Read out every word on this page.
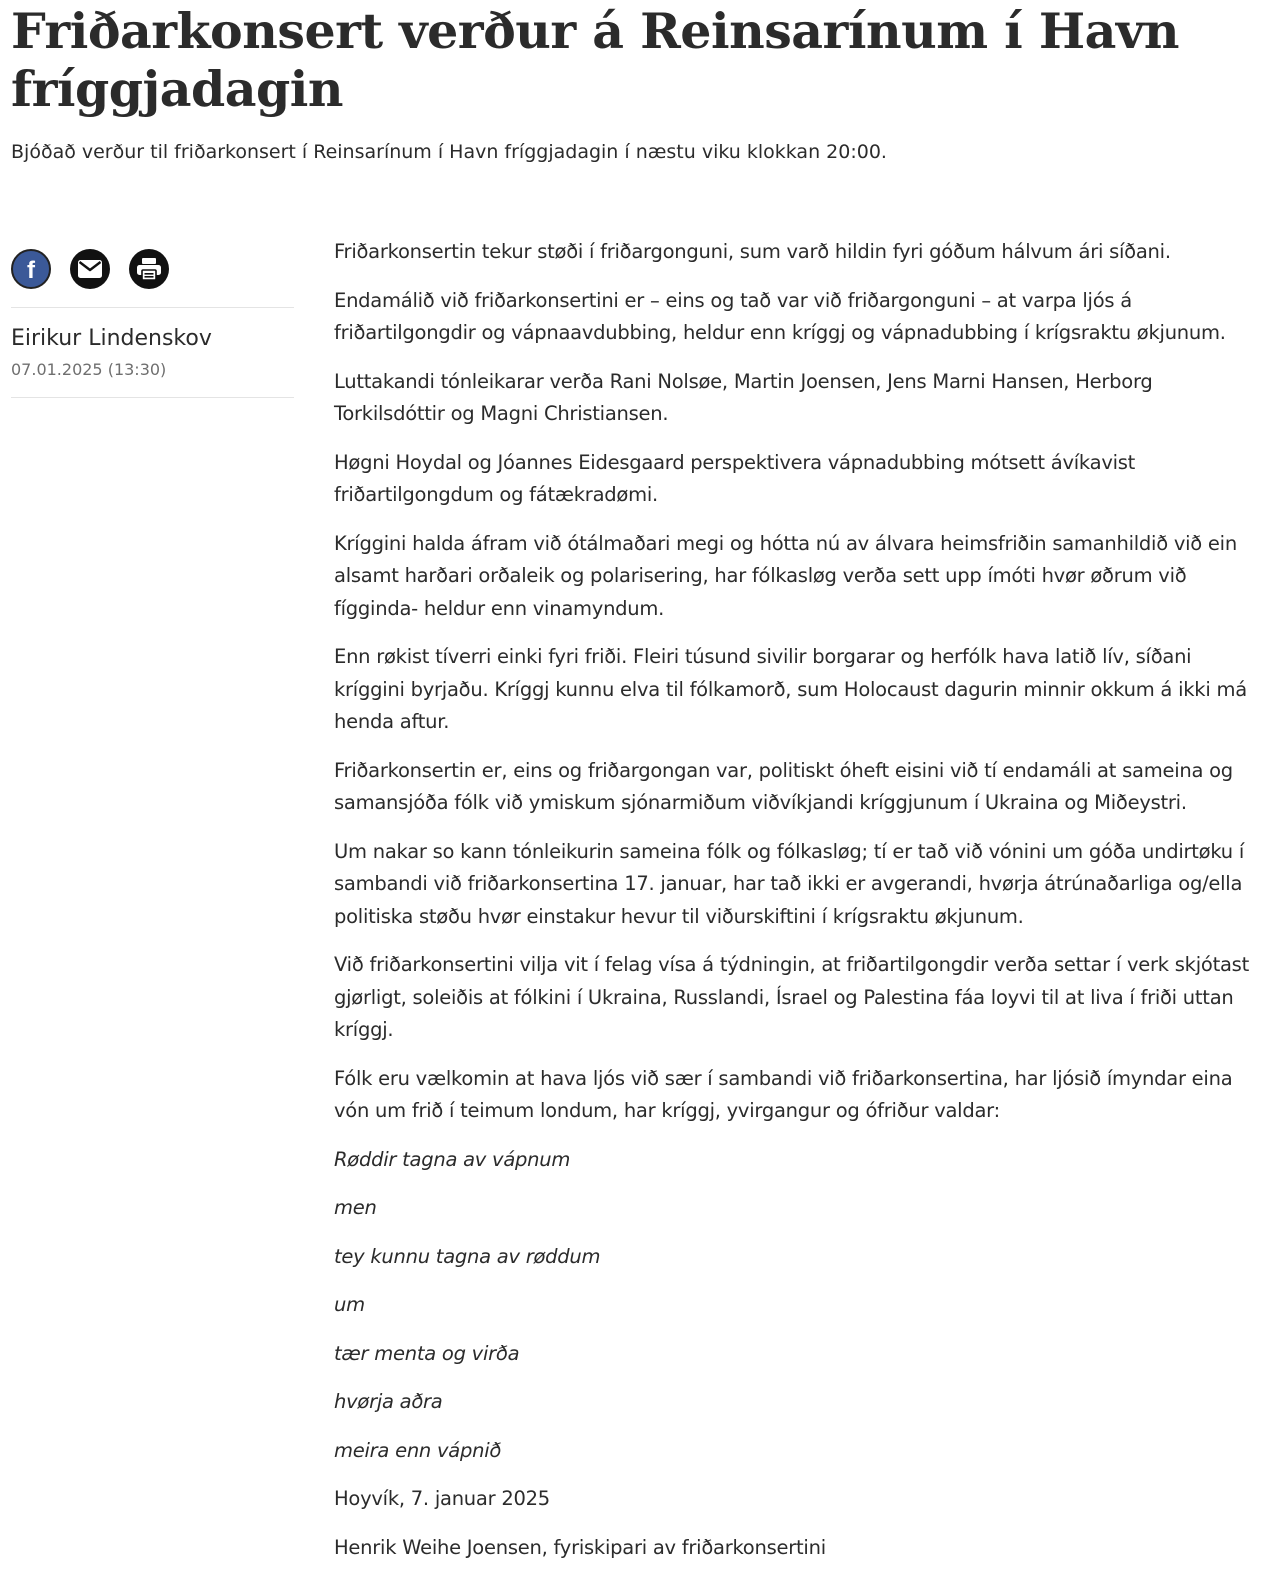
Friðarkonsert verður á Reinsarínum í Havn fríggjadagin

Bjóðað verður til friðarkonsert í Reinsarínum í Havn fríggjadagin í næstu viku klokkan 20:00.

f
Eirikur Lindenskov
07.01.2025 (13:30)

Friðarkonsertin tekur støði í friðargonguni, sum varð hildin fyri góðum hálvum ári síðani.

Endamálið við friðarkonsertini er – eins og tað var við friðargonguni – at varpa ljós á friðartilgongdir og vápnaavdubbing, heldur enn kríggj og vápnadubbing í krígsraktu økjunum.

Luttakandi tónleikarar verða Rani Nolsøe, Martin Joensen, Jens Marni Hansen, Herborg Torkilsdóttir og Magni Christiansen.

Høgni Hoydal og Jóannes Eidesgaard perspektivera vápnadubbing mótsett ávíkavist friðartilgongdum og fátækradømi.

Kríggini halda áfram við ótálmaðari megi og hótta nú av álvara heimsfriðin samanhildið við ein alsamt harðari orðaleik og polarisering, har fólkasløg verða sett upp ímóti hvør øðrum við fígginda- heldur enn vinamyndum.

Enn røkist tíverri einki fyri friði. Fleiri túsund sivilir borgarar og herfólk hava latið lív, síðani kríggini byrjaðu. Kríggj kunnu elva til fólkamorð, sum Holocaust dagurin minnir okkum á ikki má henda aftur.

Friðarkonsertin er, eins og friðargongan var, politiskt óheft eisini við tí endamáli at sameina og samansjóða fólk við ymiskum sjónarmiðum viðvíkjandi kríggjunum í Ukraina og Miðeystri.

Um nakar so kann tónleikurin sameina fólk og fólkasløg; tí er tað við vónini um góða undirtøku í sambandi við friðarkonsertina 17. januar, har tað ikki er avgerandi, hvørja átrúnaðarliga og/ella politiska støðu hvør einstakur hevur til viðurskiftini í krígsraktu økjunum.

Við friðarkonsertini vilja vit í felag vísa á týdningin, at friðartilgongdir verða settar í verk skjótast gjørligt, soleiðis at fólkini í Ukraina, Russlandi, Ísrael og Palestina fáa loyvi til at liva í friði uttan kríggj.

Fólk eru vælkomin at hava ljós við sær í sambandi við friðarkonsertina, har ljósið ímyndar eina vón um frið í teimum londum, har kríggj, yvirgangur og ófriður valdar:

Røddir tagna av vápnum

men

tey kunnu tagna av røddum

um

tær menta og virða

hvørja aðra

meira enn vápnið

Hoyvík, 7. januar 2025

Henrik Weihe Joensen, fyriskipari av friðarkonsertini
